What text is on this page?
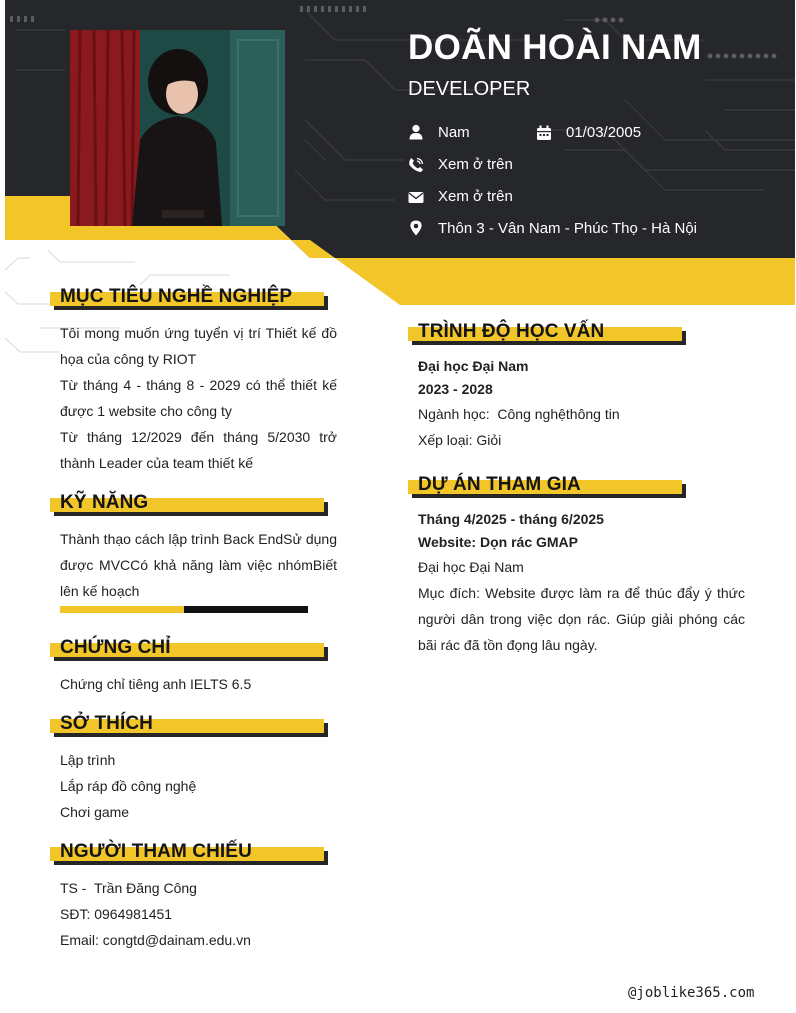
DOÃN HOÀI NAM
DEVELOPER
Nam	01/03/2005
Xem ở trên
Xem ở trên
Thôn 3 - Vân Nam - Phúc Thọ - Hà Nội
MỤC TIÊU NGHỀ NGHIỆP
Tôi mong muốn ứng tuyển vị trí Thiết kế đồ họa của công ty RIOT
Từ tháng 4 - tháng 8 - 2029 có thể thiết kế được 1 website cho công ty
Từ tháng 12/2029 đến tháng 5/2030 trở thành Leader của team thiết kế
KỸ NĂNG
Thành thạo cách lập trình Back EndSử dụng được MVCCó khả năng làm việc nhómBiết lên kế hoạch
CHỨNG CHỈ
Chứng chỉ tiêng anh IELTS 6.5
SỞ THÍCH
Lập trình
Lắp ráp đồ công nghệ
Chơi game
NGƯỜI THAM CHIẾU
TS -  Trần Đăng Công
SĐT: 0964981451
Email: congtd@dainam.edu.vn
TRÌNH ĐỘ HỌC VẤN
Đại học Đại Nam
2023 - 2028
Ngành học:  Công nghệthông tin
Xếp loại: Giỏi
DỰ ÁN THAM GIA
Tháng 4/2025 - tháng 6/2025
Website: Dọn rác GMAP
Đại học Đại Nam
Mục đích: Website được làm ra để thúc đẩy ý thức người dân trong việc dọn rác. Giúp giải phóng các bãi rác đã tồn đọng lâu ngày.
@joblike365.com
